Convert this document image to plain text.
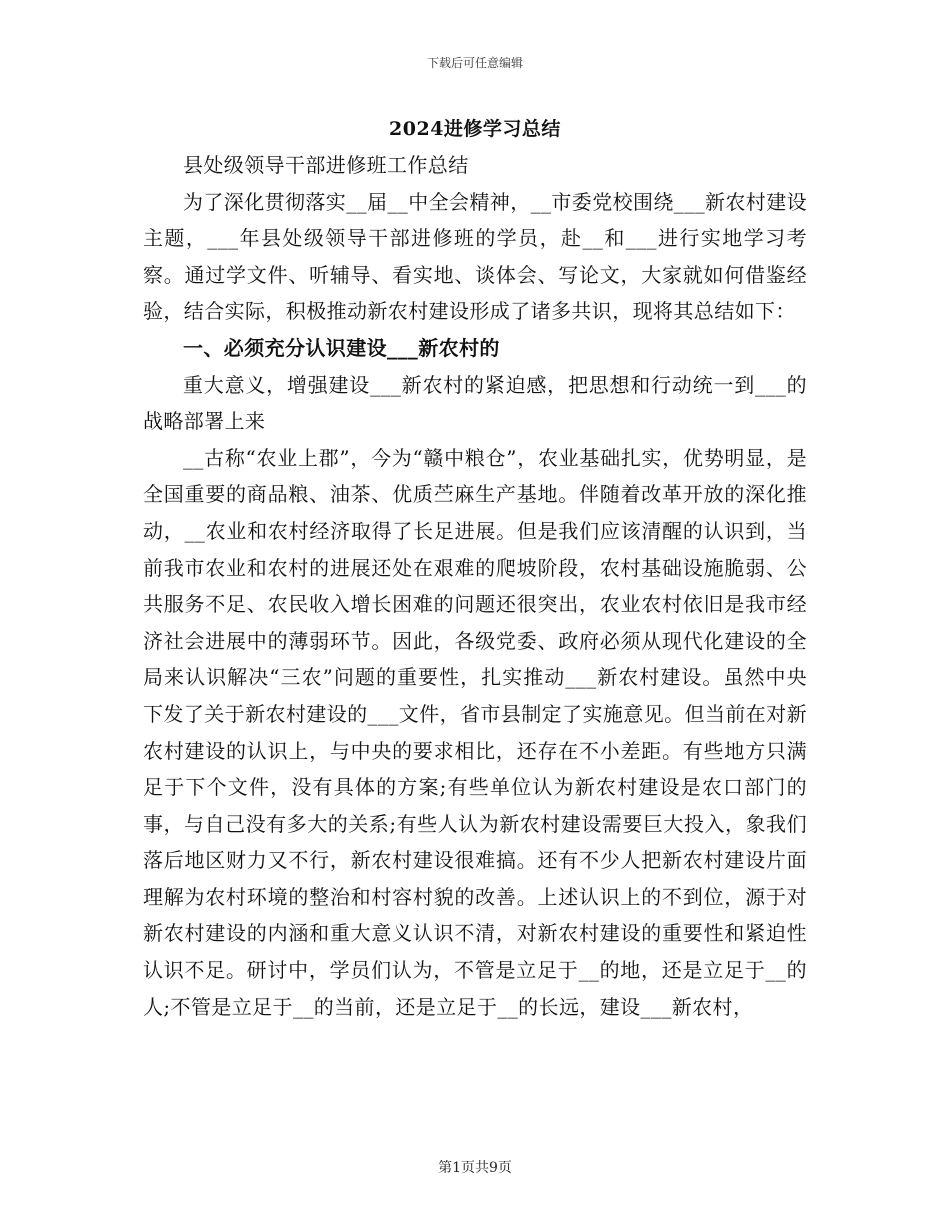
下载后可任意编辑
2024进修学习总结

县处级领导干部进修班工作总结

为了深化贯彻落实__届__中全会精神，__市委党校围绕___新农村建设主题，___年县处级领导干部进修班的学员，赴__和___进行实地学习考察。通过学文件、听辅导、看实地、谈体会、写论文，大家就如何借鉴经验，结合实际，积极推动新农村建设形成了诸多共识，现将其总结如下：

一、必须充分认识建设___新农村的

重大意义，增强建设___新农村的紧迫感，把思想和行动统一到___的战略部署上来

__古称“农业上郡”，今为“赣中粮仓”，农业基础扎实，优势明显，是全国重要的商品粮、油茶、优质苎麻生产基地。伴随着改革开放的深化推动，__农业和农村经济取得了长足进展。但是我们应该清醒的认识到，当前我市农业和农村的进展还处在艰难的爬坡阶段，农村基础设施脆弱、公共服务不足、农民收入增长困难的问题还很突出，农业农村依旧是我市经济社会进展中的薄弱环节。因此，各级党委、政府必须从现代化建设的全局来认识解决“三农”问题的重要性，扎实推动___新农村建设。虽然中央下发了关于新农村建设的___文件，省市县制定了实施意见。但当前在对新农村建设的认识上，与中央的要求相比，还存在不小差距。有些地方只满足于下个文件，没有具体的方案;有些单位认为新农村建设是农口部门的事，与自己没有多大的关系;有些人认为新农村建设需要巨大投入，象我们落后地区财力又不行，新农村建设很难搞。还有不少人把新农村建设片面理解为农村环境的整治和村容村貌的改善。上述认识上的不到位，源于对新农村建设的内涵和重大意义认识不清，对新农村建设的重要性和紧迫性认识不足。研讨中，学员们认为，不管是立足于__的地，还是立足于__的人;不管是立足于__的当前，还是立足于__的长远，建设___新农村，

第1页共9页
